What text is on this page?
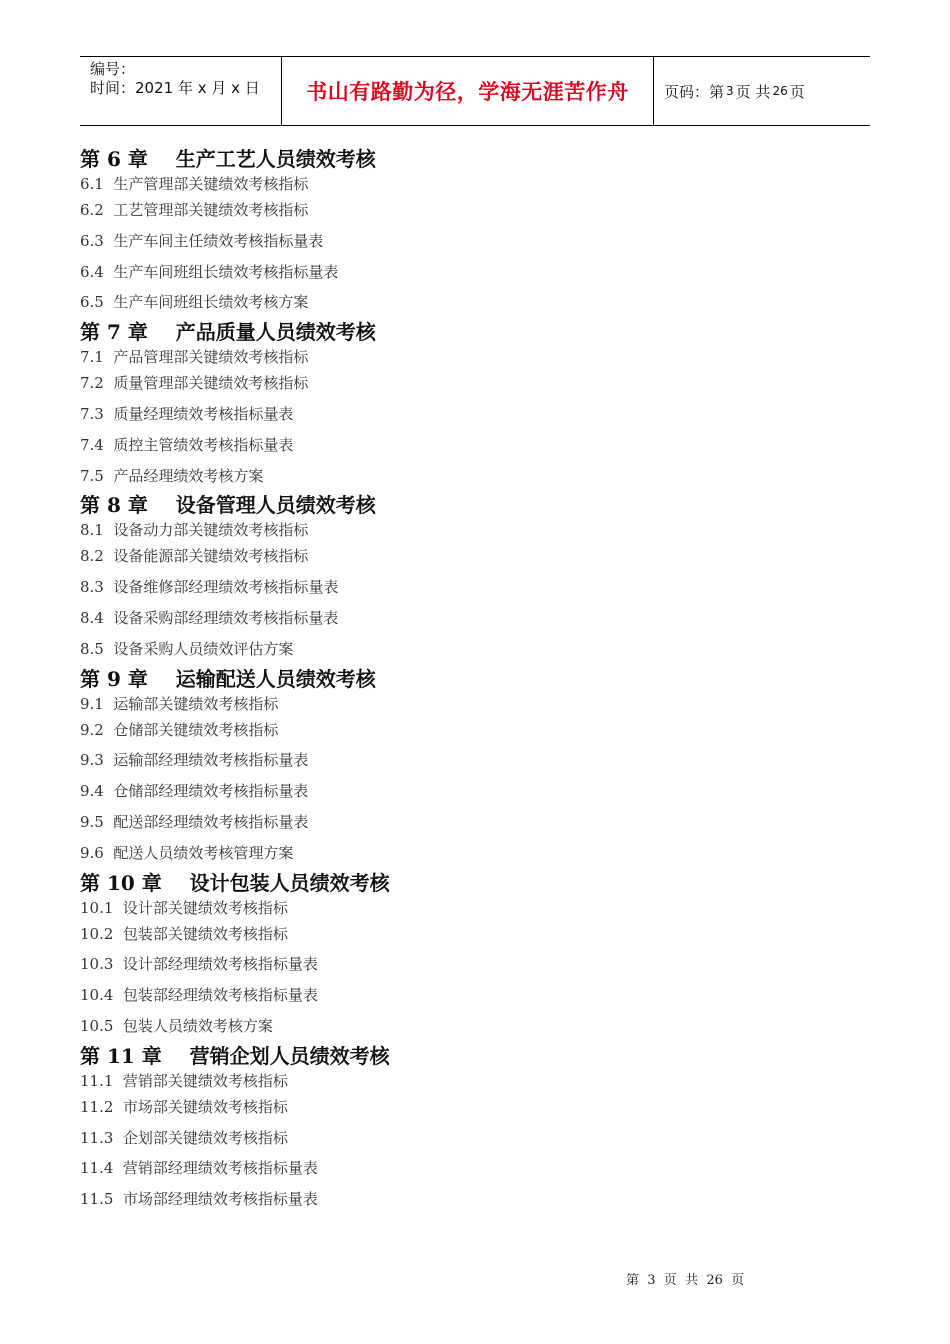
编号：
时间：2021 年 x 月 x 日	书山有路勤为径，学海无涯苦作舟	页码：第 3 页 共 26 页
第 6 章    生产工艺人员绩效考核
6.1  生产管理部关键绩效考核指标
6.2  工艺管理部关键绩效考核指标
6.3  生产车间主任绩效考核指标量表
6.4  生产车间班组长绩效考核指标量表
6.5  生产车间班组长绩效考核方案
第 7 章    产品质量人员绩效考核
7.1  产品管理部关键绩效考核指标
7.2  质量管理部关键绩效考核指标
7.3  质量经理绩效考核指标量表
7.4  质控主管绩效考核指标量表
7.5  产品经理绩效考核方案
第 8 章    设备管理人员绩效考核
8.1  设备动力部关键绩效考核指标
8.2  设备能源部关键绩效考核指标
8.3  设备维修部经理绩效考核指标量表
8.4  设备采购部经理绩效考核指标量表
8.5  设备采购人员绩效评估方案
第 9 章    运输配送人员绩效考核
9.1  运输部关键绩效考核指标
9.2  仓储部关键绩效考核指标
9.3  运输部经理绩效考核指标量表
9.4  仓储部经理绩效考核指标量表
9.5  配送部经理绩效考核指标量表
9.6  配送人员绩效考核管理方案
第 10 章    设计包装人员绩效考核
10.1  设计部关键绩效考核指标
10.2  包装部关键绩效考核指标
10.3  设计部经理绩效考核指标量表
10.4  包装部经理绩效考核指标量表
10.5  包装人员绩效考核方案
第 11 章    营销企划人员绩效考核
11.1  营销部关键绩效考核指标
11.2  市场部关键绩效考核指标
11.3  企划部关键绩效考核指标
11.4  营销部经理绩效考核指标量表
11.5  市场部经理绩效考核指标量表
第  3  页  共  26  页
